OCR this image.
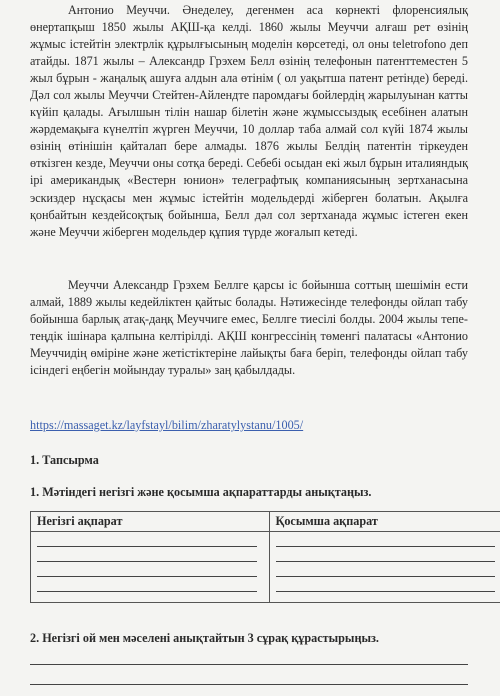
Антонио Меуччи. Әнеделеу, дегенмен аса көрнекті флоренсиялық өнертапқыш 1850 жылы АҚШ-қа келді. 1860 жылы Меуччи алғаш рет өзінің жұмыс істейтін электрлік құрылғысының моделін көрсетеді, ол оны teletrofono деп атайды. 1871 жылы – Александр Грэхем Белл өзінің телефонын патенттеместен 5 жыл бұрын - жаңалық ашуға алдын ала өтінім ( ол уақытша патент ретінде) береді. Дәл сол жылы Меуччи Стейтен-Айлендте паромдағы бойлердің жарылуынан катты күйіп қалады. Ағылшын тілін нашар білетін және жұмыссыздық есебінен алатын жәрдемақыға күнелтіп жүрген Меуччи, 10 доллар таба алмай сол күйі 1874 жылы өзінің өтінішін қайталап бере алмады. 1876 жылы Белдің патентін тіркеуден өткізген кезде, Меуччи оны сотқа береді. Себебі осыдан екі жыл бұрын италияндық ірі американдық «Вестерн юнион» телеграфтық компаниясының зертханасына эскиздер нұсқасы мен жұмыс істейтін модельдерді жіберген болатын. Ақылға қонбайтын кездейсоқтық бойынша, Белл дәл сол зертханада жұмыс істеген екен және Меуччи жіберген модельдер құпия түрде жоғалып кетеді.

Меуччи Александр Грэхем Беллге қарсы іс бойынша соттың шешімін ести алмай, 1889 жылы кедейліктен қайтыс болады. Нәтижесінде телефонды ойлап табу бойынша барлық атақ-даңқ Меуччиге емес, Беллге тиесілі болды. 2004 жылы тепе-теңдік ішінара қалпына келтірілді. АҚШ конгрессінің төменгі палатасы «Антонио Меуччидің өміріне және жетістіктеріне лайықты баға беріп, телефонды ойлап табу ісіндегі еңбегін мойындау туралы» заң қабылдады.

https://massaget.kz/layfstayl/bilim/zharatylystanu/1005/
1. Тапсырма
1. Мәтіндегі негізгі және қосымша ақпараттарды анықтаңыз.
Негізгі ақпарат	Қосымша ақпарат

2. Негізгі ой мен мәселені анықтайтын 3 сұрақ құрастырыңыз.
